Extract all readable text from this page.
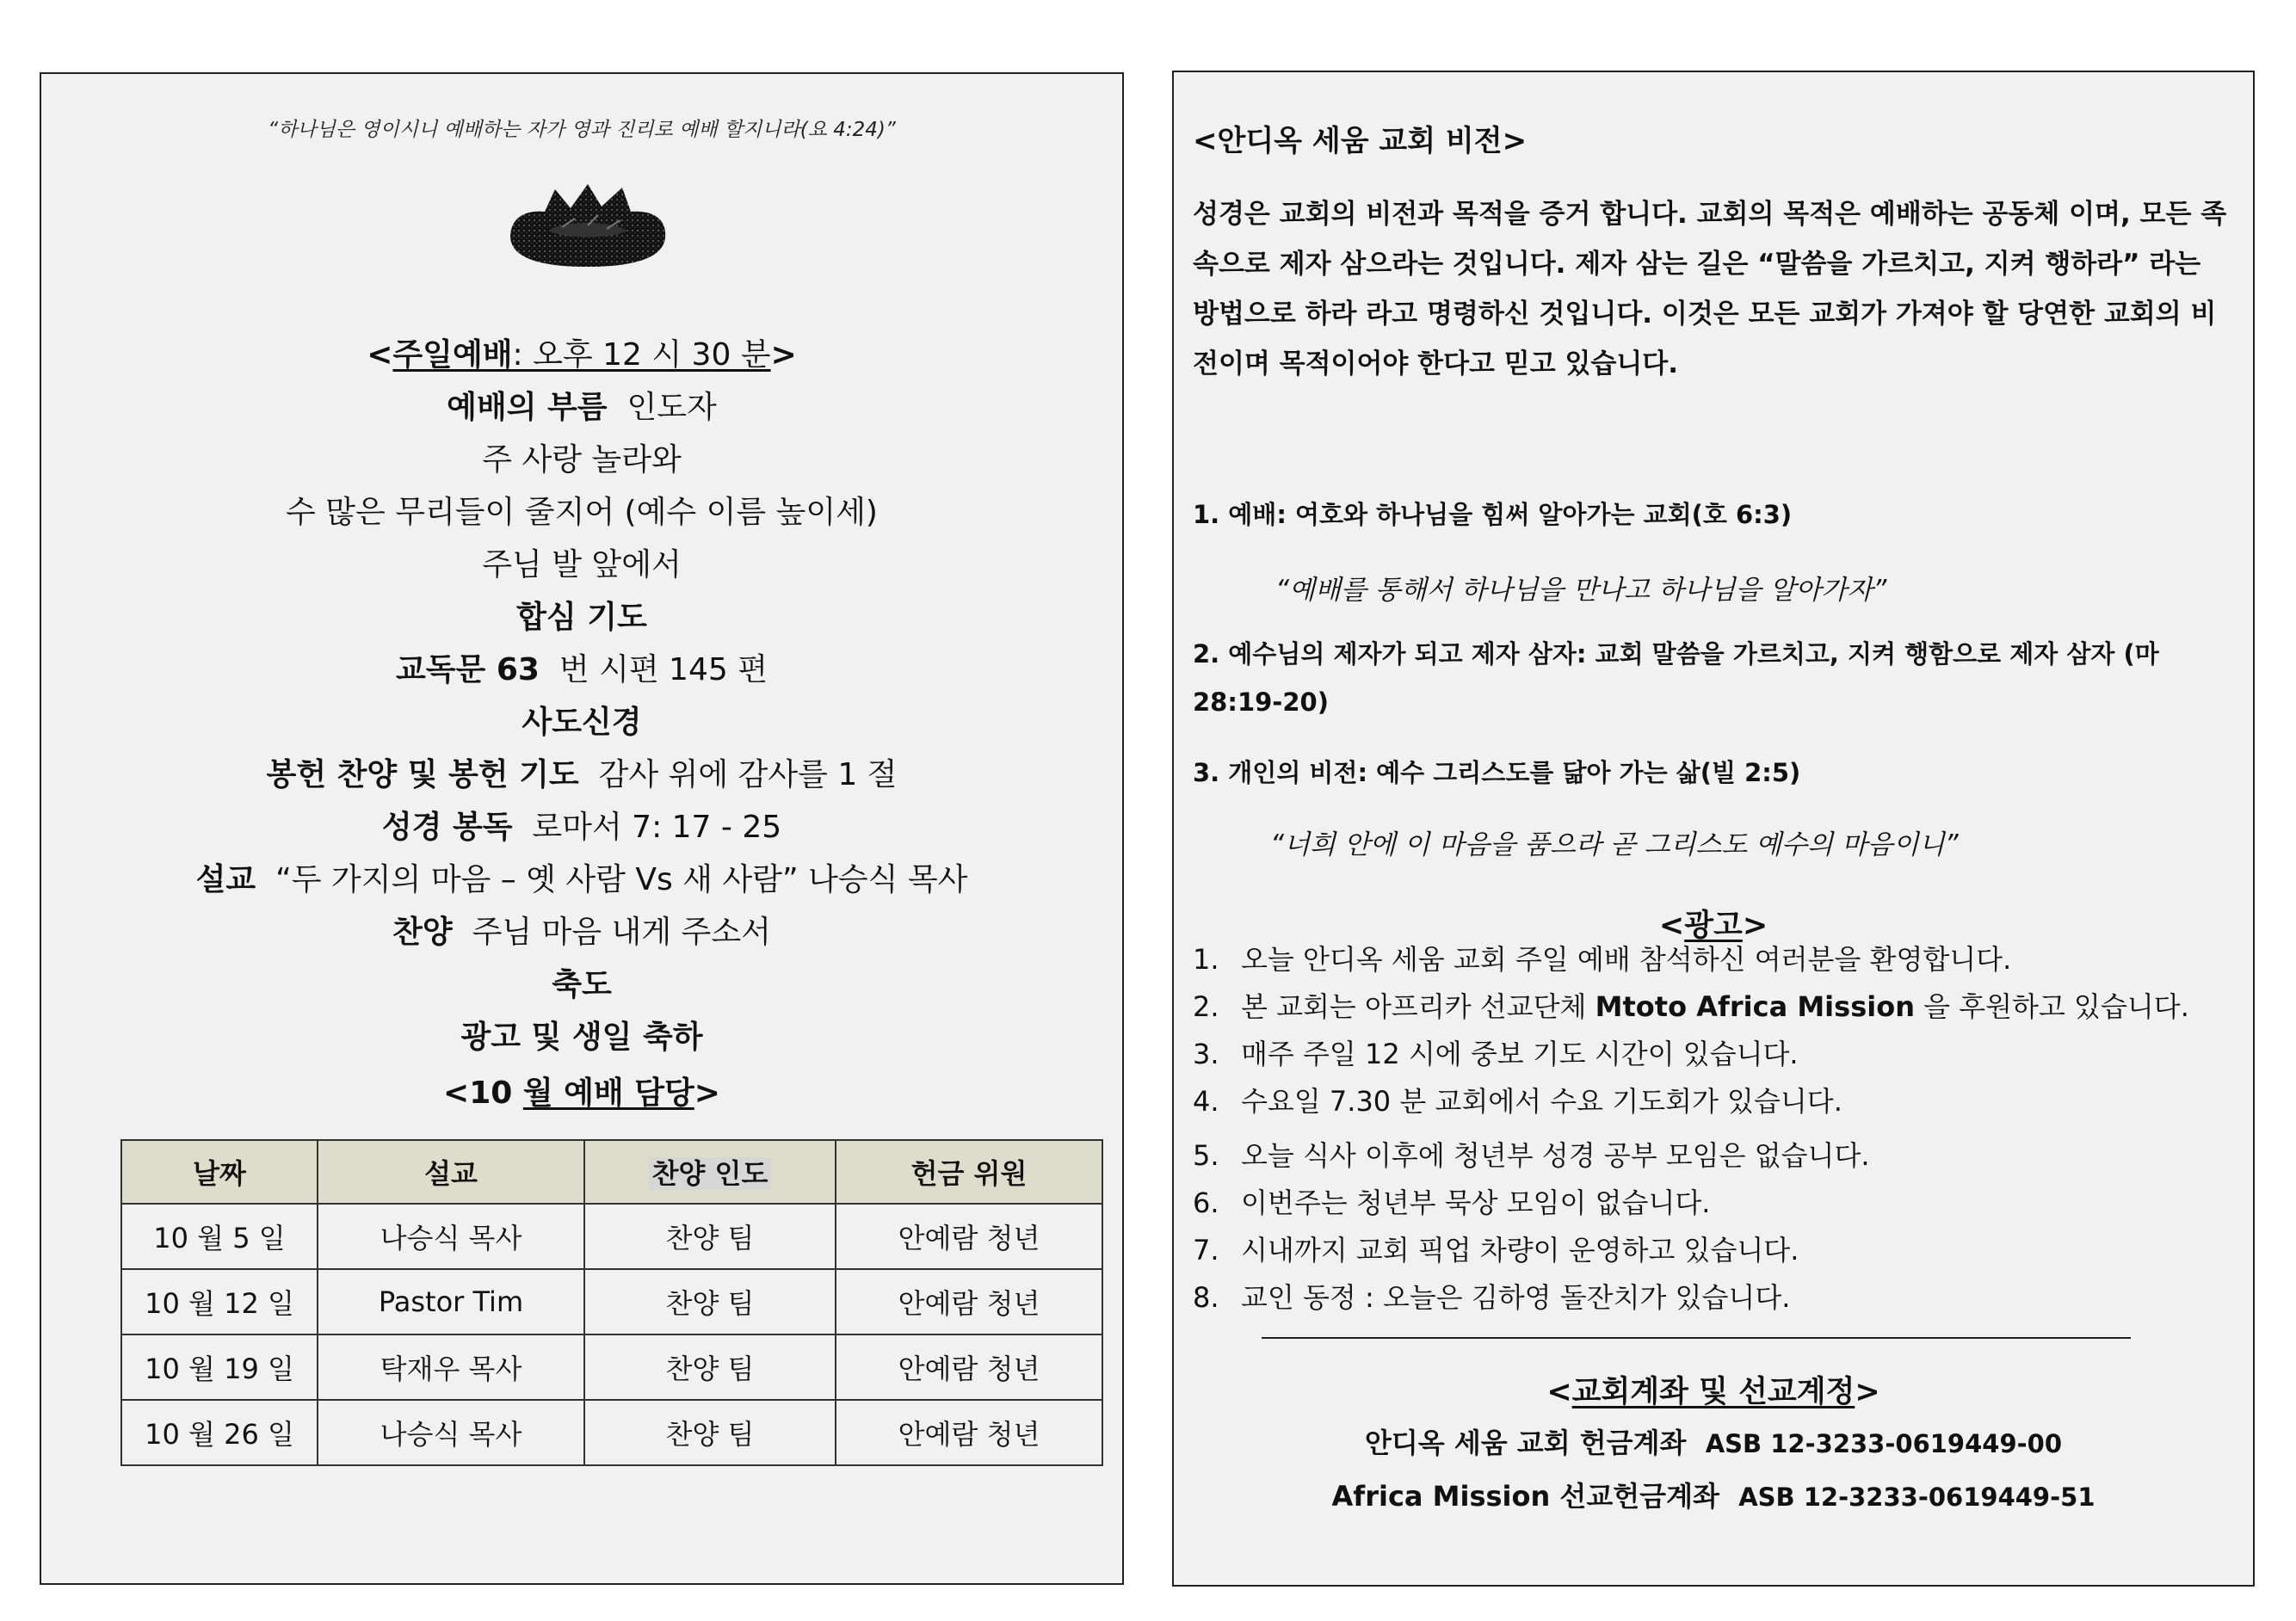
“하나님은 영이시니 예배하는 자가 영과 진리로 예배 할지니라(요 4:24)”
<주일예배: 오후 12 시 30 분>
예배의 부름 인도자
주 사랑 놀라와
수 많은 무리들이 줄지어 (예수 이름 높이세)
주님 발 앞에서
합심 기도
교독문 63 번 시편 145 편
사도신경
봉헌 찬양 및 봉헌 기도 감사 위에 감사를 1 절
성경 봉독 로마서 7: 17 - 25
설교 “두 가지의 마음 – 옛 사람 Vs 새 사람” 나승식 목사
찬양 주님 마음 내게 주소서
축도
광고 및 생일 축하
<10 월 예배 담당>
날짜	설교	찬양 인도	헌금 위원
10 월 5 일	나승식 목사	찬양 팀	안예람 청년
10 월 12 일	Pastor Tim	찬양 팀	안예람 청년
10 월 19 일	탁재우 목사	찬양 팀	안예람 청년
10 월 26 일	나승식 목사	찬양 팀	안예람 청년
<안디옥 세움 교회 비전>
성경은 교회의 비전과 목적을 증거 합니다. 교회의 목적은 예배하는 공동체 이며, 모든 족속으로 제자 삼으라는 것입니다. 제자 삼는 길은 “말씀을 가르치고, 지켜 행하라” 라는 방법으로 하라 라고 명령하신 것입니다. 이것은 모든 교회가 가져야 할 당연한 교회의 비전이며 목적이어야 한다고 믿고 있습니다.
1. 예배: 여호와 하나님을 힘써 알아가는 교회(호 6:3)
“예배를 통해서 하나님을 만나고 하나님을 알아가자”
2. 예수님의 제자가 되고 제자 삼자: 교회 말씀을 가르치고, 지켜 행함으로 제자 삼자 (마 28:19-20)
3. 개인의 비전: 예수 그리스도를 닮아 가는 삶(빌 2:5)
“너희 안에 이 마음을 품으라 곧 그리스도 예수의 마음이니”
<광고>
1. 오늘 안디옥 세움 교회 주일 예배 참석하신 여러분을 환영합니다.
2. 본 교회는 아프리카 선교단체 Mtoto Africa Mission 을 후원하고 있습니다.
3. 매주 주일 12 시에 중보 기도 시간이 있습니다.
4. 수요일 7.30 분 교회에서 수요 기도회가 있습니다.
5. 오늘 식사 이후에 청년부 성경 공부 모임은 없습니다.
6. 이번주는 청년부 묵상 모임이 없습니다.
7. 시내까지 교회 픽업 차량이 운영하고 있습니다.
8. 교인 동정 : 오늘은 김하영 돌잔치가 있습니다.
<교회계좌 및 선교계정>
안디옥 세움 교회 헌금계좌 ASB 12-3233-0619449-00
Africa Mission 선교헌금계좌 ASB 12-3233-0619449-51
